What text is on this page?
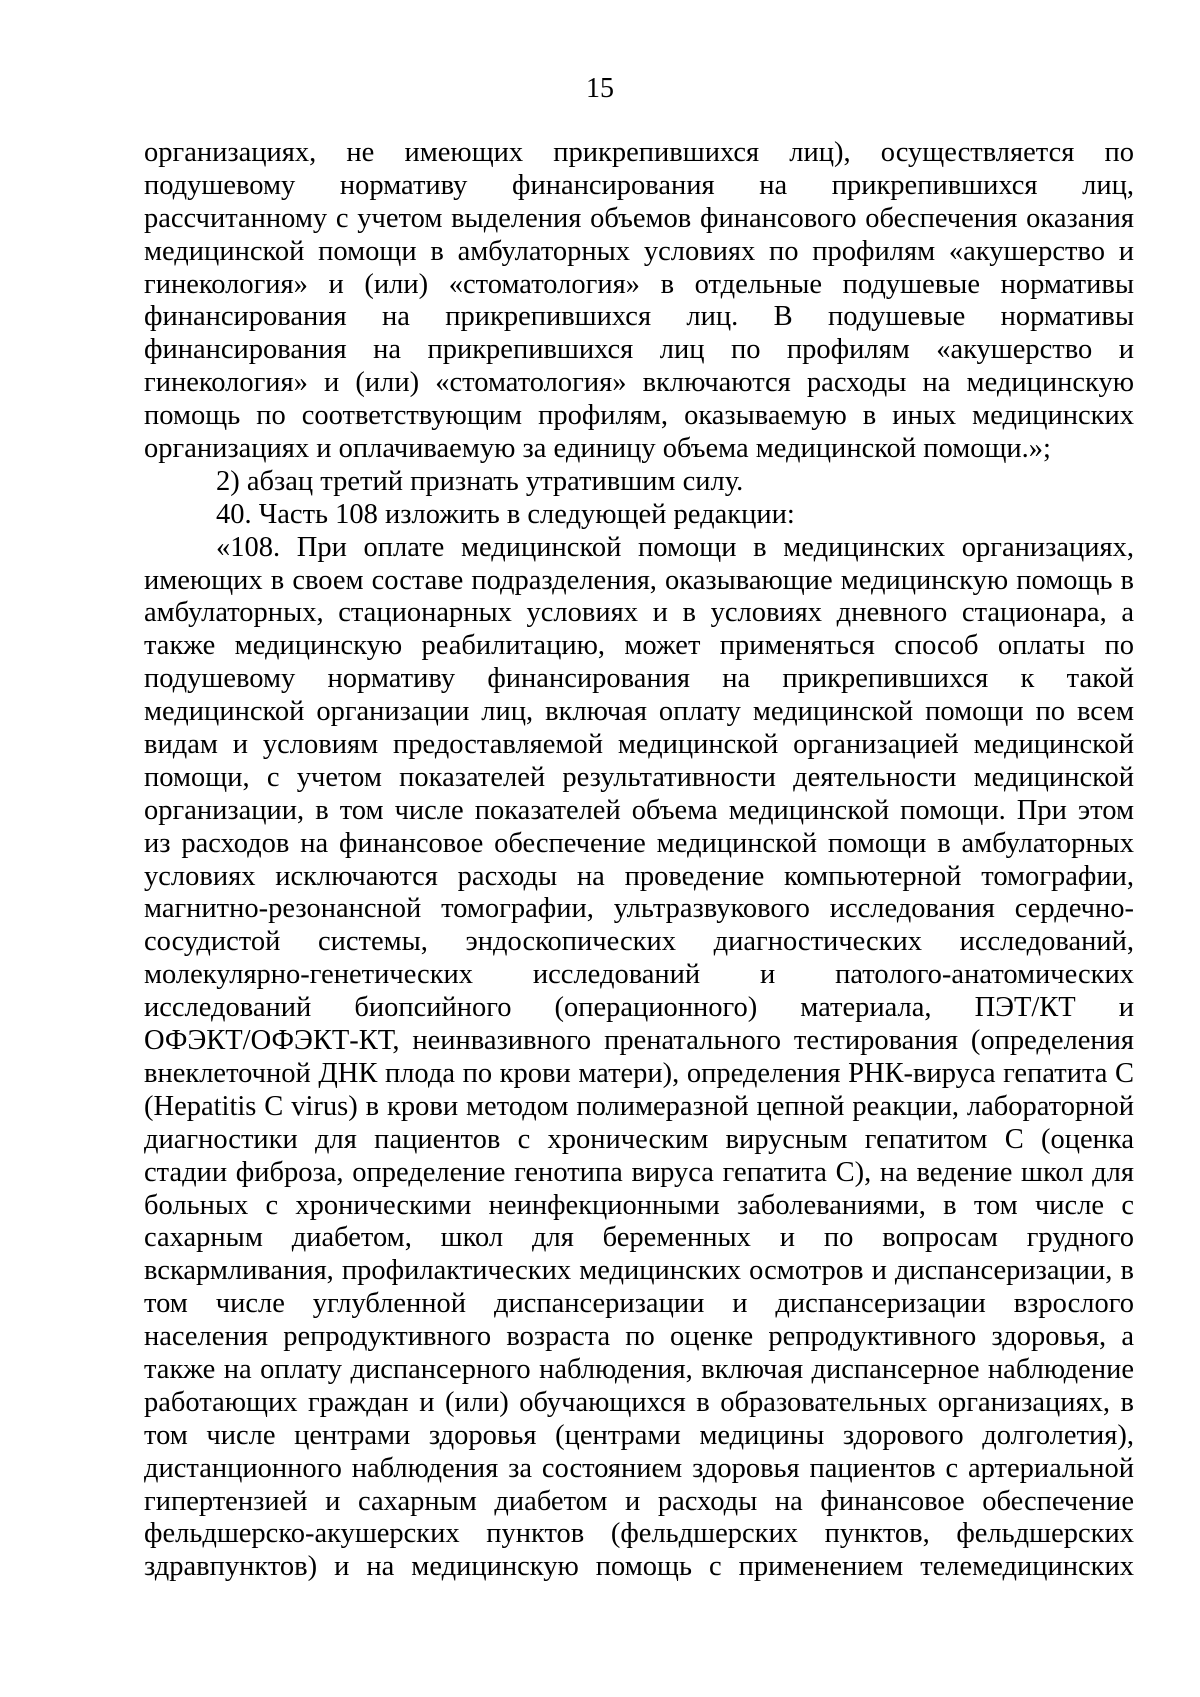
15
организациях, не имеющих прикрепившихся лиц), осуществляется по
подушевому нормативу финансирования на прикрепившихся лиц,
рассчитанному с учетом выделения объемов финансового обеспечения оказания
медицинской помощи в амбулаторных условиях по профилям «акушерство и
гинекология» и (или) «стоматология» в отдельные подушевые нормативы
финансирования на прикрепившихся лиц. В подушевые нормативы
финансирования на прикрепившихся лиц по профилям «акушерство и
гинекология» и (или) «стоматология» включаются расходы на медицинскую
помощь по соответствующим профилям, оказываемую в иных медицинских
организациях и оплачиваемую за единицу объема медицинской помощи.»;
2) абзац третий признать утратившим силу.
40. Часть 108 изложить в следующей редакции:
«108. При оплате медицинской помощи в медицинских организациях,
имеющих в своем составе подразделения, оказывающие медицинскую помощь в
амбулаторных, стационарных условиях и в условиях дневного стационара, а
также медицинскую реабилитацию, может применяться способ оплаты по
подушевому нормативу финансирования на прикрепившихся к такой
медицинской организации лиц, включая оплату медицинской помощи по всем
видам и условиям предоставляемой медицинской организацией медицинской
помощи, с учетом показателей результативности деятельности медицинской
организации, в том числе показателей объема медицинской помощи. При этом
из расходов на финансовое обеспечение медицинской помощи в амбулаторных
условиях исключаются расходы на проведение компьютерной томографии,
магнитно-резонансной томографии, ультразвукового исследования сердечно-
сосудистой системы, эндоскопических диагностических исследований,
молекулярно-генетических исследований и патолого-анатомических
исследований биопсийного (операционного) материала, ПЭТ/КТ и
ОФЭКТ/ОФЭКТ-КТ, неинвазивного пренатального тестирования (определения
внеклеточной ДНК плода по крови матери), определения РНК-вируса гепатита С
(Hepatitis C virus) в крови методом полимеразной цепной реакции, лабораторной
диагностики для пациентов с хроническим вирусным гепатитом С (оценка
стадии фиброза, определение генотипа вируса гепатита С), на ведение школ для
больных с хроническими неинфекционными заболеваниями, в том числе с
сахарным диабетом, школ для беременных и по вопросам грудного
вскармливания, профилактических медицинских осмотров и диспансеризации, в
том числе углубленной диспансеризации и диспансеризации взрослого
населения репродуктивного возраста по оценке репродуктивного здоровья, а
также на оплату диспансерного наблюдения, включая диспансерное наблюдение
работающих граждан и (или) обучающихся в образовательных организациях, в
том числе центрами здоровья (центрами медицины здорового долголетия),
дистанционного наблюдения за состоянием здоровья пациентов с артериальной
гипертензией и сахарным диабетом и расходы на финансовое обеспечение
фельдшерско-акушерских пунктов (фельдшерских пунктов, фельдшерских
здравпунктов) и на медицинскую помощь с применением телемедицинских
